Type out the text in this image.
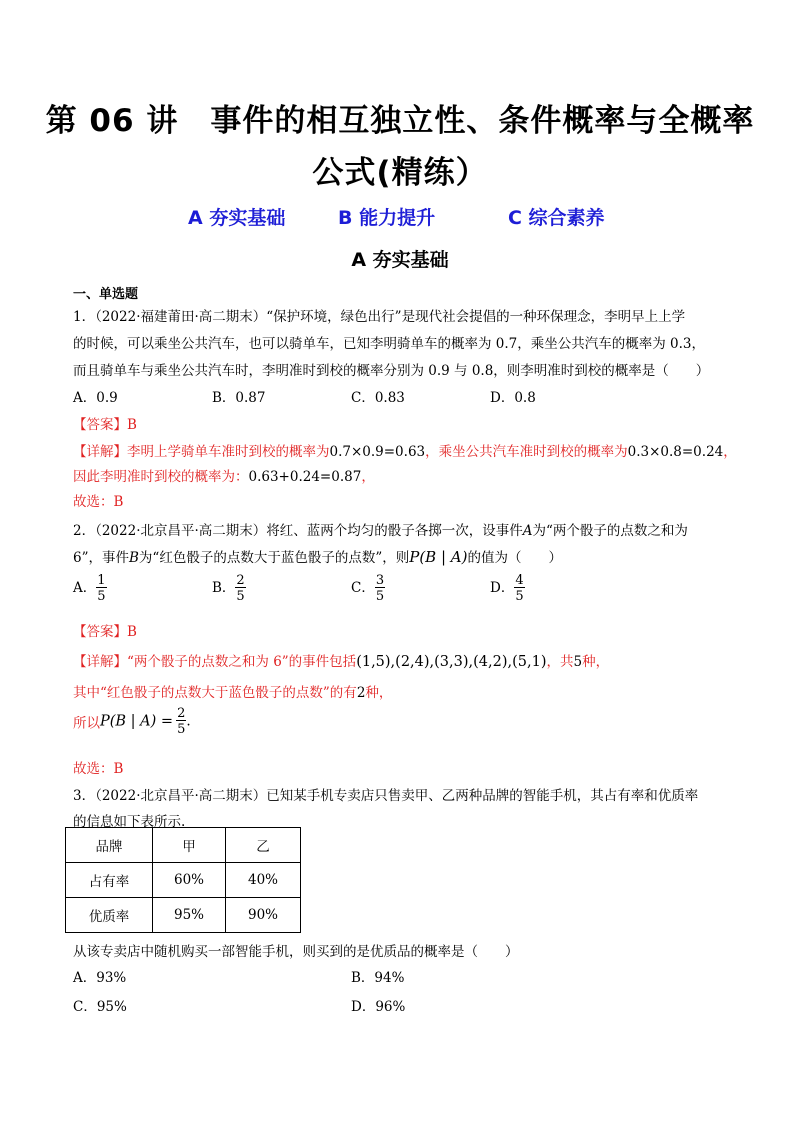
第 06 讲　事件的相互独立性、条件概率与全概率
公式(精练）
A 夯实基础	B 能力提升	C 综合素养
A 夯实基础
一、单选题
1．（2022·福建莆田·高二期末）“保护环境，绿色出行”是现代社会提倡的一种环保理念，李明早上上学
的时候，可以乘坐公共汽车，也可以骑单车，已知李明骑单车的概率为 0.7，乘坐公共汽车的概率为 0.3，
而且骑单车与乘坐公共汽车时，李明准时到校的概率分别为 0.9 与 0.8，则李明准时到校的概率是（　　）
A．0.9	B．0.87	C．0.83	D．0.8
【答案】B
【详解】李明上学骑单车准时到校的概率为0.7×0.9=0.63，乘坐公共汽车准时到校的概率为0.3×0.8=0.24，
因此李明准时到校的概率为：0.63+0.24=0.87，
故选：B
2．（2022·北京昌平·高二期末）将红、蓝两个均匀的骰子各掷一次，设事件A为“两个骰子的点数之和为
6”，事件B为“红色骰子的点数大于蓝色骰子的点数”，则P(B | A)的值为（　　）
A． $\frac{1}{5}$	B． $\frac{2}{5}$	C． $\frac{3}{5}$	D． $\frac{4}{5}$
【答案】B
【详解】“两个骰子的点数之和为 6”的事件包括(1,5),(2,4),(3,3),(4,2),(5,1)，共5种，
其中“红色骰子的点数大于蓝色骰子的点数”的有2种，
所以P(B | $A) = \frac{2}{5}$ .
故选：B
3．（2022·北京昌平·高二期末）已知某手机专卖店只售卖甲、乙两种品牌的智能手机，其占有率和优质率
的信息如下表所示.
品牌	甲	乙
占有率	60%	40%
优质率	95%	90%
从该专卖店中随机购买一部智能手机，则买到的是优质品的概率是（　　）
A．93%	B．94%
C．95%	D．96%
